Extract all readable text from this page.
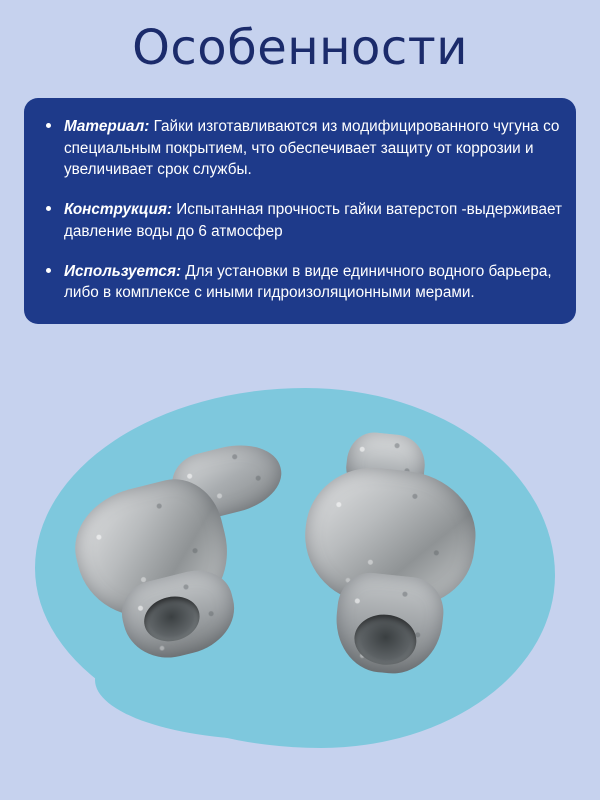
Особенности
Материал: Гайки изготавливаются из модифицированного чугуна со специальным покрытием, что обеспечивает защиту от коррозии и увеличивает срок службы.
Конструкция: Испытанная прочность гайки ватерстоп -выдерживает давление воды до 6 атмосфер
Используется: Для установки в виде единичного водного барьера, либо в комплексе с иными гидроизоляционными мерами.
